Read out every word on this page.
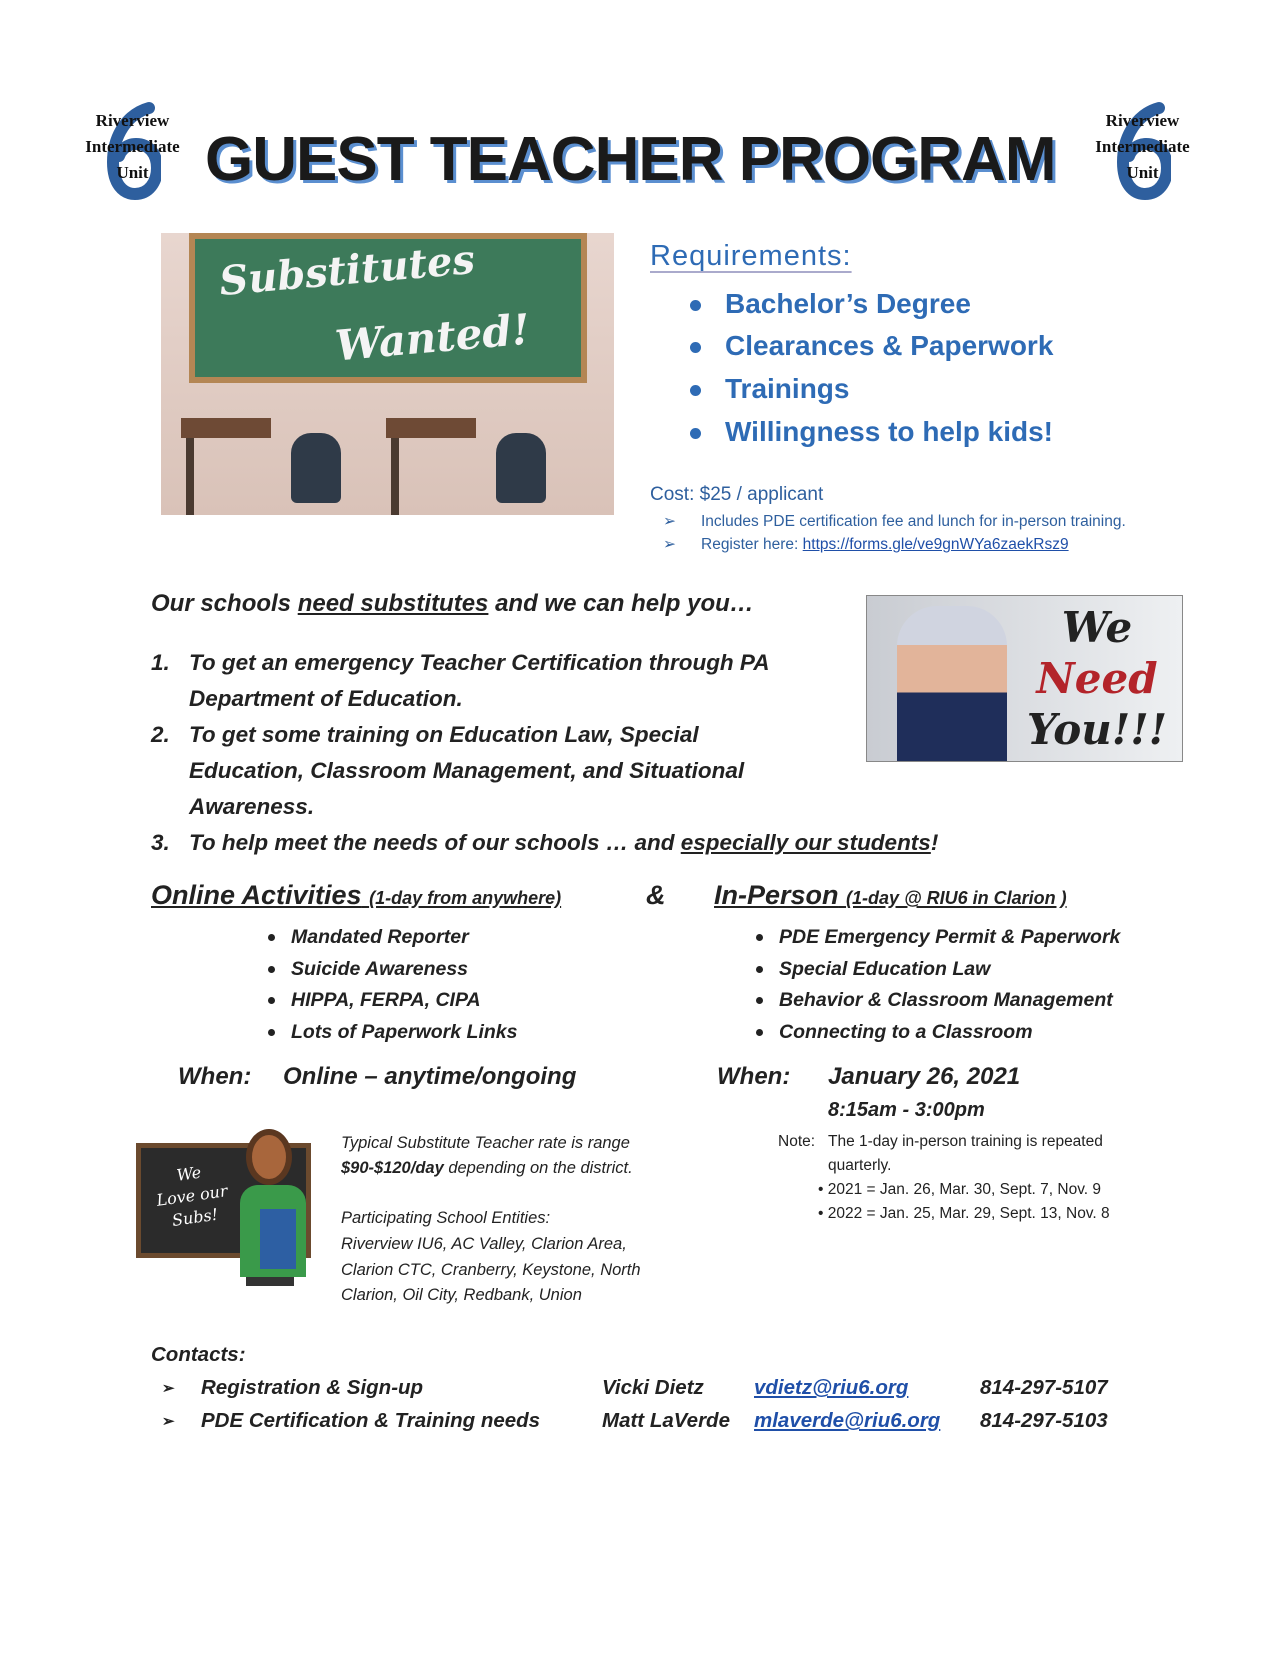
Riverview
Intermediate
Unit
Riverview
Intermediate
Unit
GUEST TEACHER PROGRAM
Substitutes
Wanted!
Requirements:
Bachelor’s Degree
Clearances & Paperwork
Trainings
Willingness to help kids!
Cost: $25 / applicant
➢ Includes PDE certification fee and lunch for in-person training.
➢ Register here: https://forms.gle/ve9gnWYa6zaekRsz9
Our schools need substitutes and we can help you…
1. To get an emergency Teacher Certification through PA
Department of Education.
2. To get some training on Education Law, Special
Education, Classroom Management, and Situational
Awareness.
3. To help meet the needs of our schools … and especially our students!
We
Need
You!!!
Online Activities (1-day from anywhere)	& In-Person (1-day @ RIU6 in Clarion )
Mandated Reporter
Suicide Awareness
HIPPA, FERPA, CIPA
Lots of Paperwork Links
PDE Emergency Permit & Paperwork
Special Education Law
Behavior & Classroom Management
Connecting to a Classroom
When: Online – anytime/ongoing	When: January 26, 2021
8:15am - 3:00pm
Note: The 1-day in-person training is repeated
quarterly.
• 2021 = Jan. 26, Mar. 30, Sept. 7, Nov. 9
• 2022 = Jan. 25, Mar. 29, Sept. 13, Nov. 8
We
Love our
Subs!
Typical Substitute Teacher rate is range
$90-$120/day depending on the district.
Participating School Entities:
Riverview IU6, AC Valley, Clarion Area,
Clarion CTC, Cranberry, Keystone, North
Clarion, Oil City, Redbank, Union
Contacts:
➢ Registration & Sign-up	Vicki Dietz vdietz@riu6.org	814-297-5107
➢ PDE Certification & Training needs	Matt LaVerde mlaverde@riu6.org 814-297-5103
